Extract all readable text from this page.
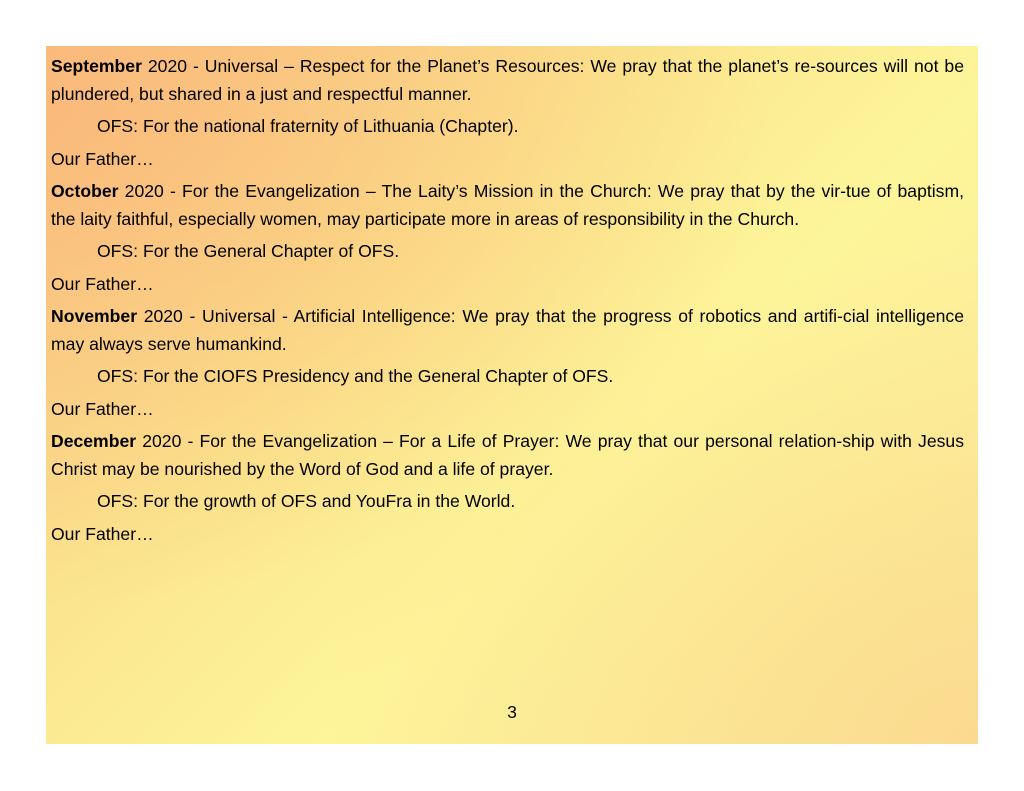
September 2020 - Universal – Respect for the Planet’s Resources: We pray that the planet’s re-sources will not be plundered, but shared in a just and respectful manner.

OFS: For the national fraternity of Lithuania (Chapter).

Our Father…

October 2020 - For the Evangelization – The Laity’s Mission in the Church: We pray that by the vir-tue of baptism, the laity faithful, especially women, may participate more in areas of responsibility in the Church.

OFS: For the General Chapter of OFS.

Our Father…

November 2020 - Universal - Artificial Intelligence: We pray that the progress of robotics and artifi-cial intelligence may always serve humankind.

OFS: For the CIOFS Presidency and the General Chapter of OFS.

Our Father…

December 2020 - For the Evangelization – For a Life of Prayer: We pray that our personal relation-ship with Jesus Christ may be nourished by the Word of God and a life of prayer.

OFS: For the growth of OFS and YouFra in the World.

Our Father…

3
